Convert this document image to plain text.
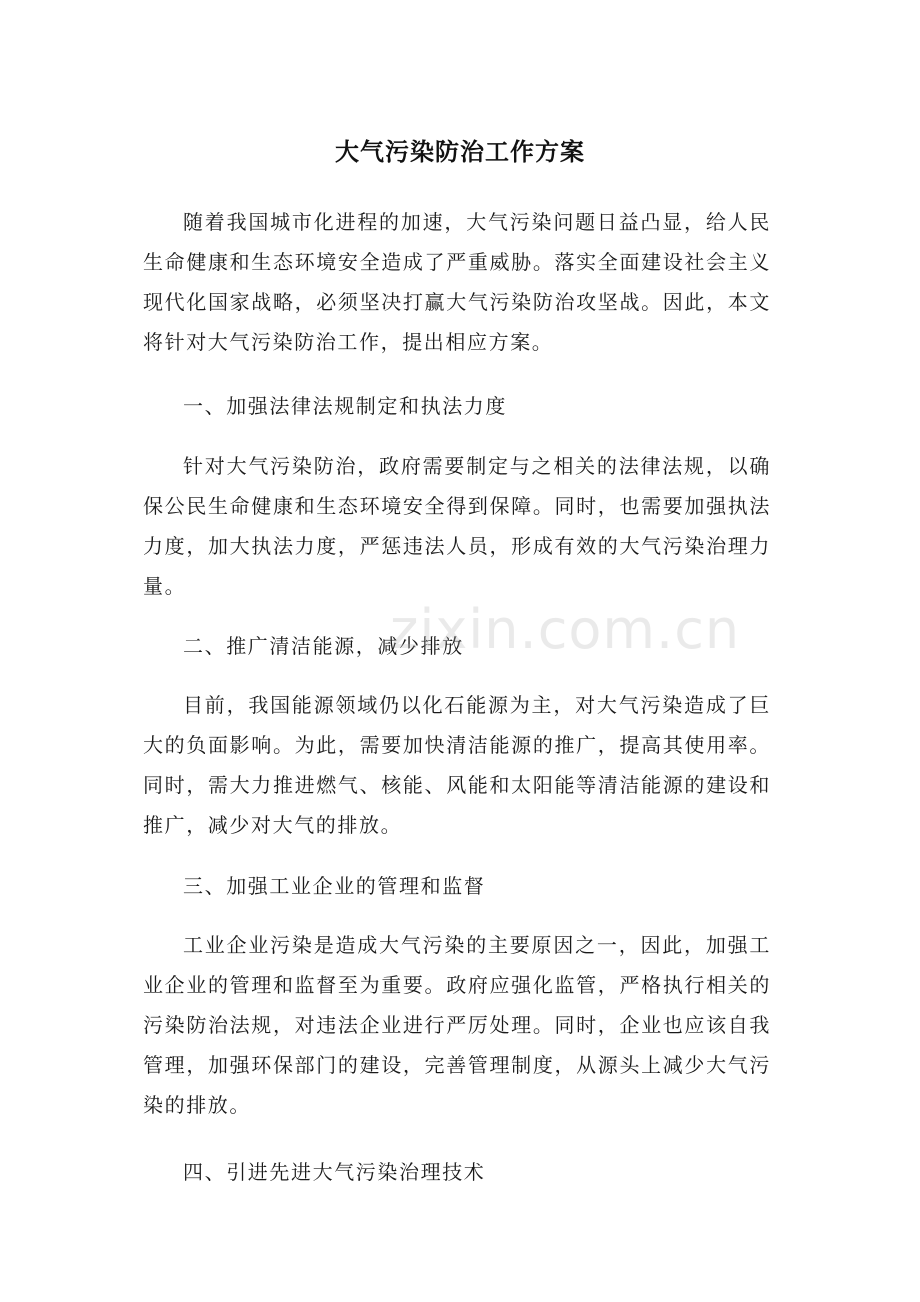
大气污染防治工作方案

随着我国城市化进程的加速，大气污染问题日益凸显，给人民生命健康和生态环境安全造成了严重威胁。落实全面建设社会主义现代化国家战略，必须坚决打赢大气污染防治攻坚战。因此，本文将针对大气污染防治工作，提出相应方案。

一、加强法律法规制定和执法力度

针对大气污染防治，政府需要制定与之相关的法律法规，以确保公民生命健康和生态环境安全得到保障。同时，也需要加强执法力度，加大执法力度，严惩违法人员，形成有效的大气污染治理力量。

二、推广清洁能源，减少排放

目前，我国能源领域仍以化石能源为主，对大气污染造成了巨大的负面影响。为此，需要加快清洁能源的推广，提高其使用率。同时，需大力推进燃气、核能、风能和太阳能等清洁能源的建设和推广，减少对大气的排放。

三、加强工业企业的管理和监督

工业企业污染是造成大气污染的主要原因之一，因此，加强工业企业的管理和监督至为重要。政府应强化监管，严格执行相关的污染防治法规，对违法企业进行严厉处理。同时，企业也应该自我管理，加强环保部门的建设，完善管理制度，从源头上减少大气污染的排放。

四、引进先进大气污染治理技术

zixin.com.cn
